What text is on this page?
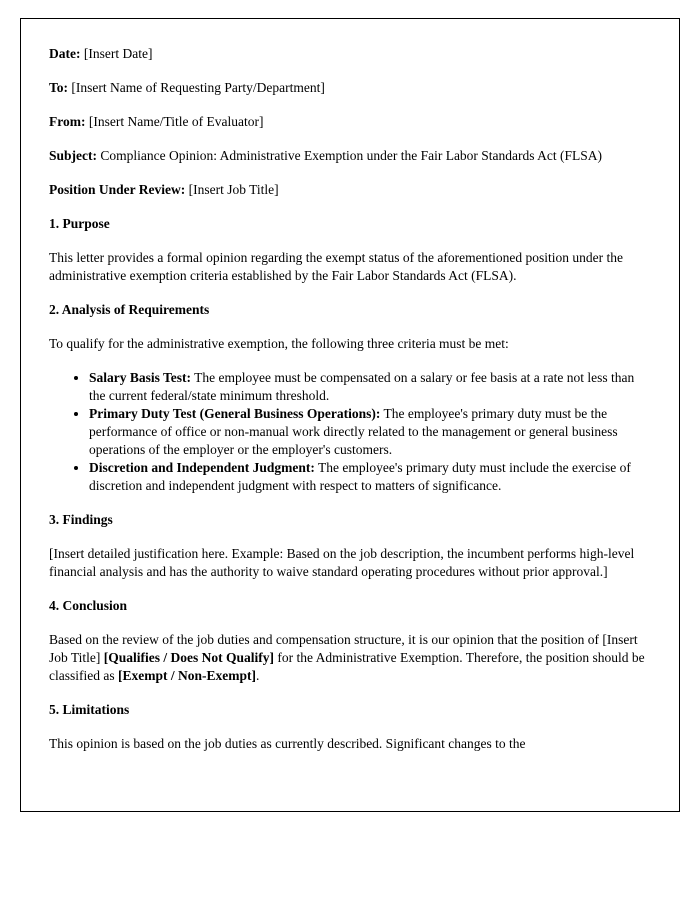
Date: [Insert Date]

To: [Insert Name of Requesting Party/Department]

From: [Insert Name/Title of Evaluator]

Subject: Compliance Opinion: Administrative Exemption under the Fair Labor Standards Act (FLSA)

Position Under Review: [Insert Job Title]

1. Purpose

This letter provides a formal opinion regarding the exempt status of the aforementioned position under the administrative exemption criteria established by the Fair Labor Standards Act (FLSA).

2. Analysis of Requirements

To qualify for the administrative exemption, the following three criteria must be met:

• Salary Basis Test: The employee must be compensated on a salary or fee basis at a rate not less than the current federal/state minimum threshold.
• Primary Duty Test (General Business Operations): The employee's primary duty must be the performance of office or non-manual work directly related to the management or general business operations of the employer or the employer's customers.
• Discretion and Independent Judgment: The employee's primary duty must include the exercise of discretion and independent judgment with respect to matters of significance.
3. Findings

[Insert detailed justification here. Example: Based on the job description, the incumbent performs high-level financial analysis and has the authority to waive standard operating procedures without prior approval.]

4. Conclusion

Based on the review of the job duties and compensation structure, it is our opinion that the position of [Insert Job Title] [Qualifies / Does Not Qualify] for the Administrative Exemption. Therefore, the position should be classified as [Exempt / Non-Exempt].

5. Limitations

This opinion is based on the job duties as currently described. Significant changes to the
